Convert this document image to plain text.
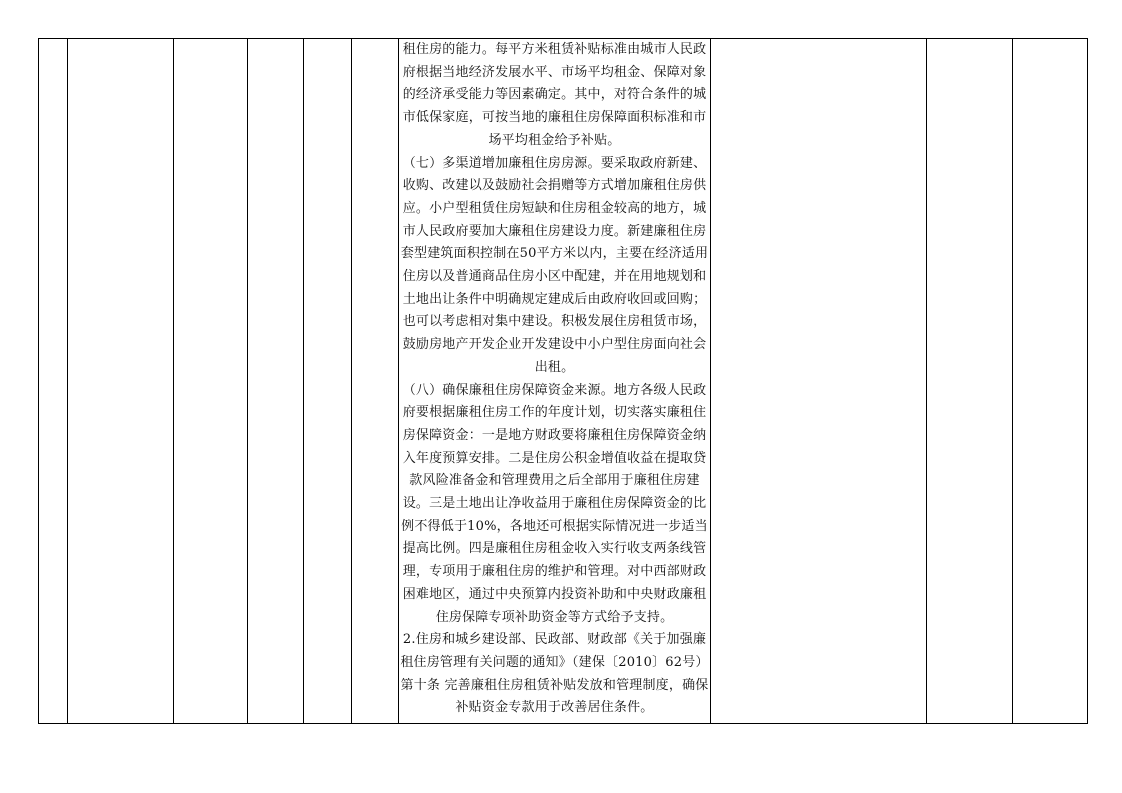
租住房的能力。每平方米租赁补贴标准由城市人民政府根据当地经济发展水平、市场平均租金、保障对象的经济承受能力等因素确定。其中，对符合条件的城市低保家庭，可按当地的廉租住房保障面积标准和市场平均租金给予补贴。

（七）多渠道增加廉租住房房源。要采取政府新建、收购、改建以及鼓励社会捐赠等方式增加廉租住房供应。小户型租赁住房短缺和住房租金较高的地方，城市人民政府要加大廉租住房建设力度。新建廉租住房套型建筑面积控制在50平方米以内，主要在经济适用住房以及普通商品住房小区中配建，并在用地规划和土地出让条件中明确规定建成后由政府收回或回购；也可以考虑相对集中建设。积极发展住房租赁市场，鼓励房地产开发企业开发建设中小户型住房面向社会出租。

（八）确保廉租住房保障资金来源。地方各级人民政府要根据廉租住房工作的年度计划，切实落实廉租住房保障资金：一是地方财政要将廉租住房保障资金纳入年度预算安排。二是住房公积金增值收益在提取贷款风险准备金和管理费用之后全部用于廉租住房建设。三是土地出让净收益用于廉租住房保障资金的比例不得低于10%，各地还可根据实际情况进一步适当提高比例。四是廉租住房租金收入实行收支两条线管理，专项用于廉租住房的维护和管理。对中西部财政困难地区，通过中央预算内投资补助和中央财政廉租住房保障专项补助资金等方式给予支持。

2.住房和城乡建设部、民政部、财政部《关于加强廉租住房管理有关问题的通知》（建保〔2010〕62号）第十条 完善廉租住房租赁补贴发放和管理制度，确保补贴资金专款用于改善居住条件。
